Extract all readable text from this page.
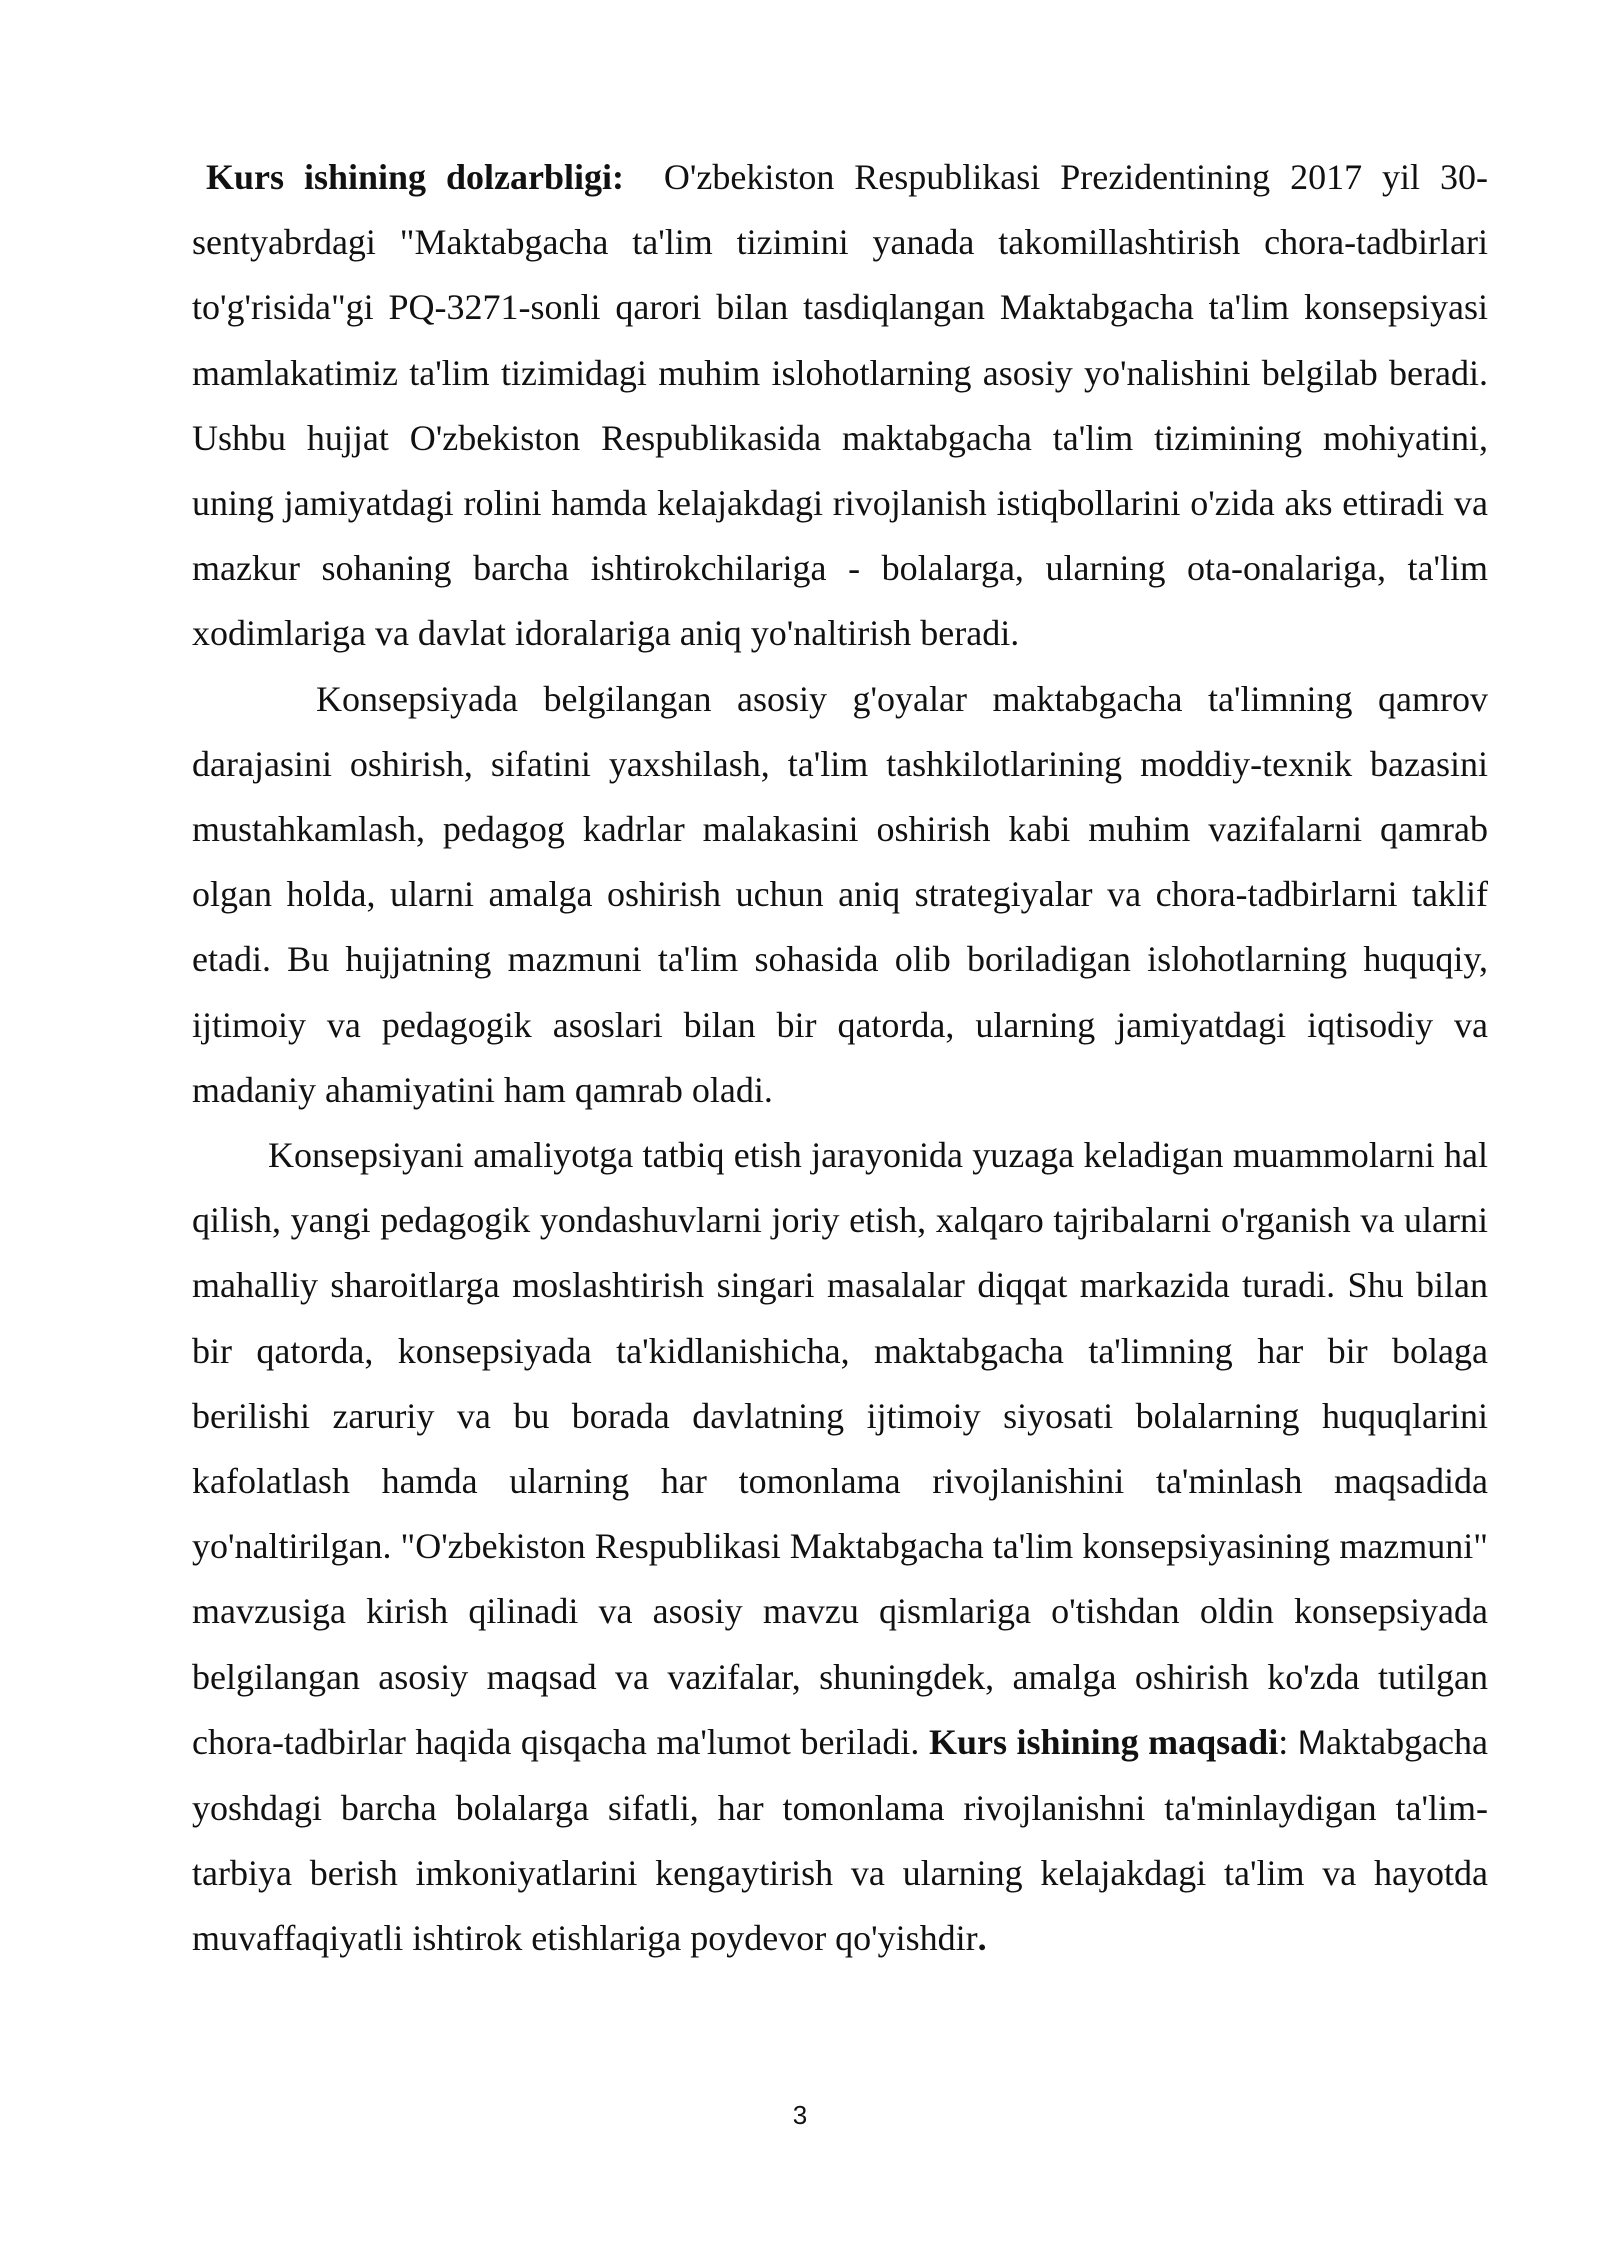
Kurs ishining dolzarbligi: O'zbekiston Respublikasi Prezidentining 2017 yil 30-sentyabrdagi "Maktabgacha ta'lim tizimini yanada takomillashtirish chora-tadbirlari to'g'risida"gi PQ-3271-sonli qarori bilan tasdiqlangan Maktabgacha ta'lim konsepsiyasi mamlakatimiz ta'lim tizimidagi muhim islohotlarning asosiy yo'nalishini belgilab beradi. Ushbu hujjat O'zbekiston Respublikasida maktabgacha ta'lim tizimining mohiyatini, uning jamiyatdagi rolini hamda kelajakdagi rivojlanish istiqbollarini o'zida aks ettiradi va mazkur sohaning barcha ishtirokchilariga - bolalarga, ularning ota-onalariga, ta'lim xodimlariga va davlat idoralariga aniq yo'naltirish beradi.

Konsepsiyada belgilangan asosiy g'oyalar maktabgacha ta'limning qamrov darajasini oshirish, sifatini yaxshilash, ta'lim tashkilotlarining moddiy-texnik bazasini mustahkamlash, pedagog kadrlar malakasini oshirish kabi muhim vazifalarni qamrab olgan holda, ularni amalga oshirish uchun aniq strategiyalar va chora-tadbirlarni taklif etadi. Bu hujjatning mazmuni ta'lim sohasida olib boriladigan islohotlarning huquqiy, ijtimoiy va pedagogik asoslari bilan bir qatorda, ularning jamiyatdagi iqtisodiy va madaniy ahamiyatini ham qamrab oladi.

Konsepsiyani amaliyotga tatbiq etish jarayonida yuzaga keladigan muammolarni hal qilish, yangi pedagogik yondashuvlarni joriy etish, xalqaro tajribalarni o'rganish va ularni mahalliy sharoitlarga moslashtirish singari masalalar diqqat markazida turadi. Shu bilan bir qatorda, konsepsiyada ta'kidlanishicha, maktabgacha ta'limning har bir bolaga berilishi zaruriy va bu borada davlatning ijtimoiy siyosati bolalarning huquqlarini kafolatlash hamda ularning har tomonlama rivojlanishini ta'minlash maqsadida yo'naltirilgan. "O'zbekiston Respublikasi Maktabgacha ta'lim konsepsiyasining mazmuni" mavzusiga kirish qilinadi va asosiy mavzu qismlariga o'tishdan oldin konsepsiyada belgilangan asosiy maqsad va vazifalar, shuningdek, amalga oshirish ko'zda tutilgan chora-tadbirlar haqida qisqacha ma'lumot beriladi. Kurs ishining maqsadi: Maktabgacha yoshdagi barcha bolalarga sifatli, har tomonlama rivojlanishni ta'minlaydigan ta'lim-tarbiya berish imkoniyatlarini kengaytirish va ularning kelajakdagi ta'lim va hayotda muvaffaqiyatli ishtirok etishlariga poydevor qo'yishdir.

3
